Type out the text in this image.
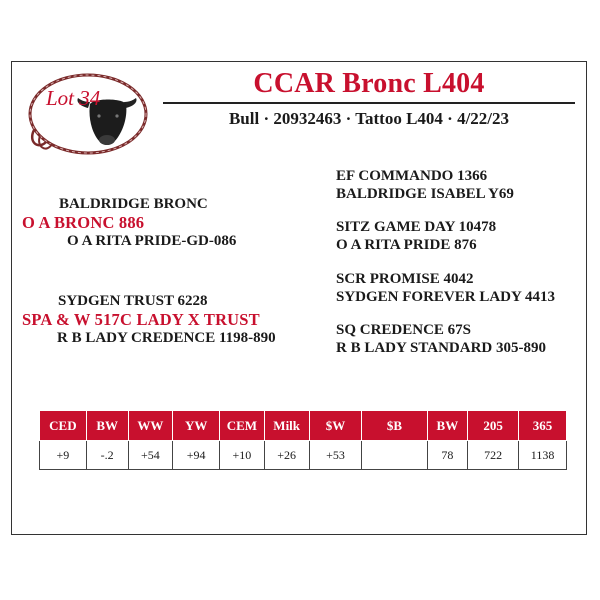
Lot 34	CCAR Bronc L404
Bull · 20932463 · Tattoo L404 · 4/22/23
BALDRIDGE BRONC
O A BRONC 886
O A RITA PRIDE-GD-086
SYDGEN TRUST 6228
SPA & W 517C LADY X TRUST
R B LADY CREDENCE 1198-890
EF COMMANDO 1366
BALDRIDGE ISABEL Y69
SITZ GAME DAY 10478
O A RITA PRIDE 876
SCR PROMISE 4042
SYDGEN FOREVER LADY 4413
SQ CREDENCE 67S
R B LADY STANDARD 305-890
CED	BW	WW	YW	CEM	Milk	$W	$B	BW	205	365
+9	-.2	+54	+94	+10	+26	+53		78	722	1138
